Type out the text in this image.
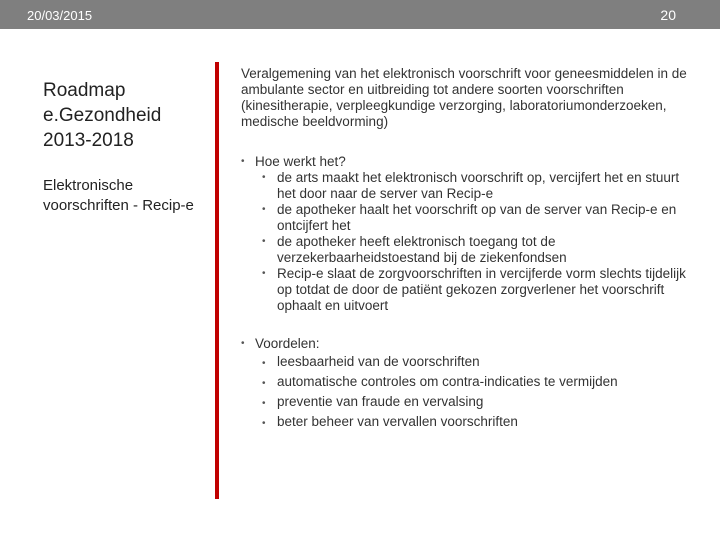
20/03/2015	20
Roadmap e.Gezondheid 2013-2018
Elektronische voorschriften - Recip-e

Veralgemening van het elektronisch voorschrift voor geneesmiddelen in de ambulante sector en uitbreiding tot andere soorten voorschriften (kinesitherapie, verpleegkundige verzorging, laboratoriumonderzoeken, medische beeldvorming)

• Hoe werkt het?
• de arts maakt het elektronisch voorschrift op, vercijfert het en stuurt het door naar de server van Recip-e
• de apotheker haalt het voorschrift op van de server van Recip-e en ontcijfert het
• de apotheker heeft elektronisch toegang tot de verzekerbaarheidstoestand bij de ziekenfondsen
• Recip-e slaat de zorgvoorschriften in vercijferde vorm slechts tijdelijk op totdat de door de patiënt gekozen zorgverlener het voorschrift ophaalt en uitvoert
• Voordelen:
• leesbaarheid van de voorschriften
• automatische controles om contra-indicaties te vermijden
• preventie van fraude en vervalsing
• beter beheer van vervallen voorschriften
